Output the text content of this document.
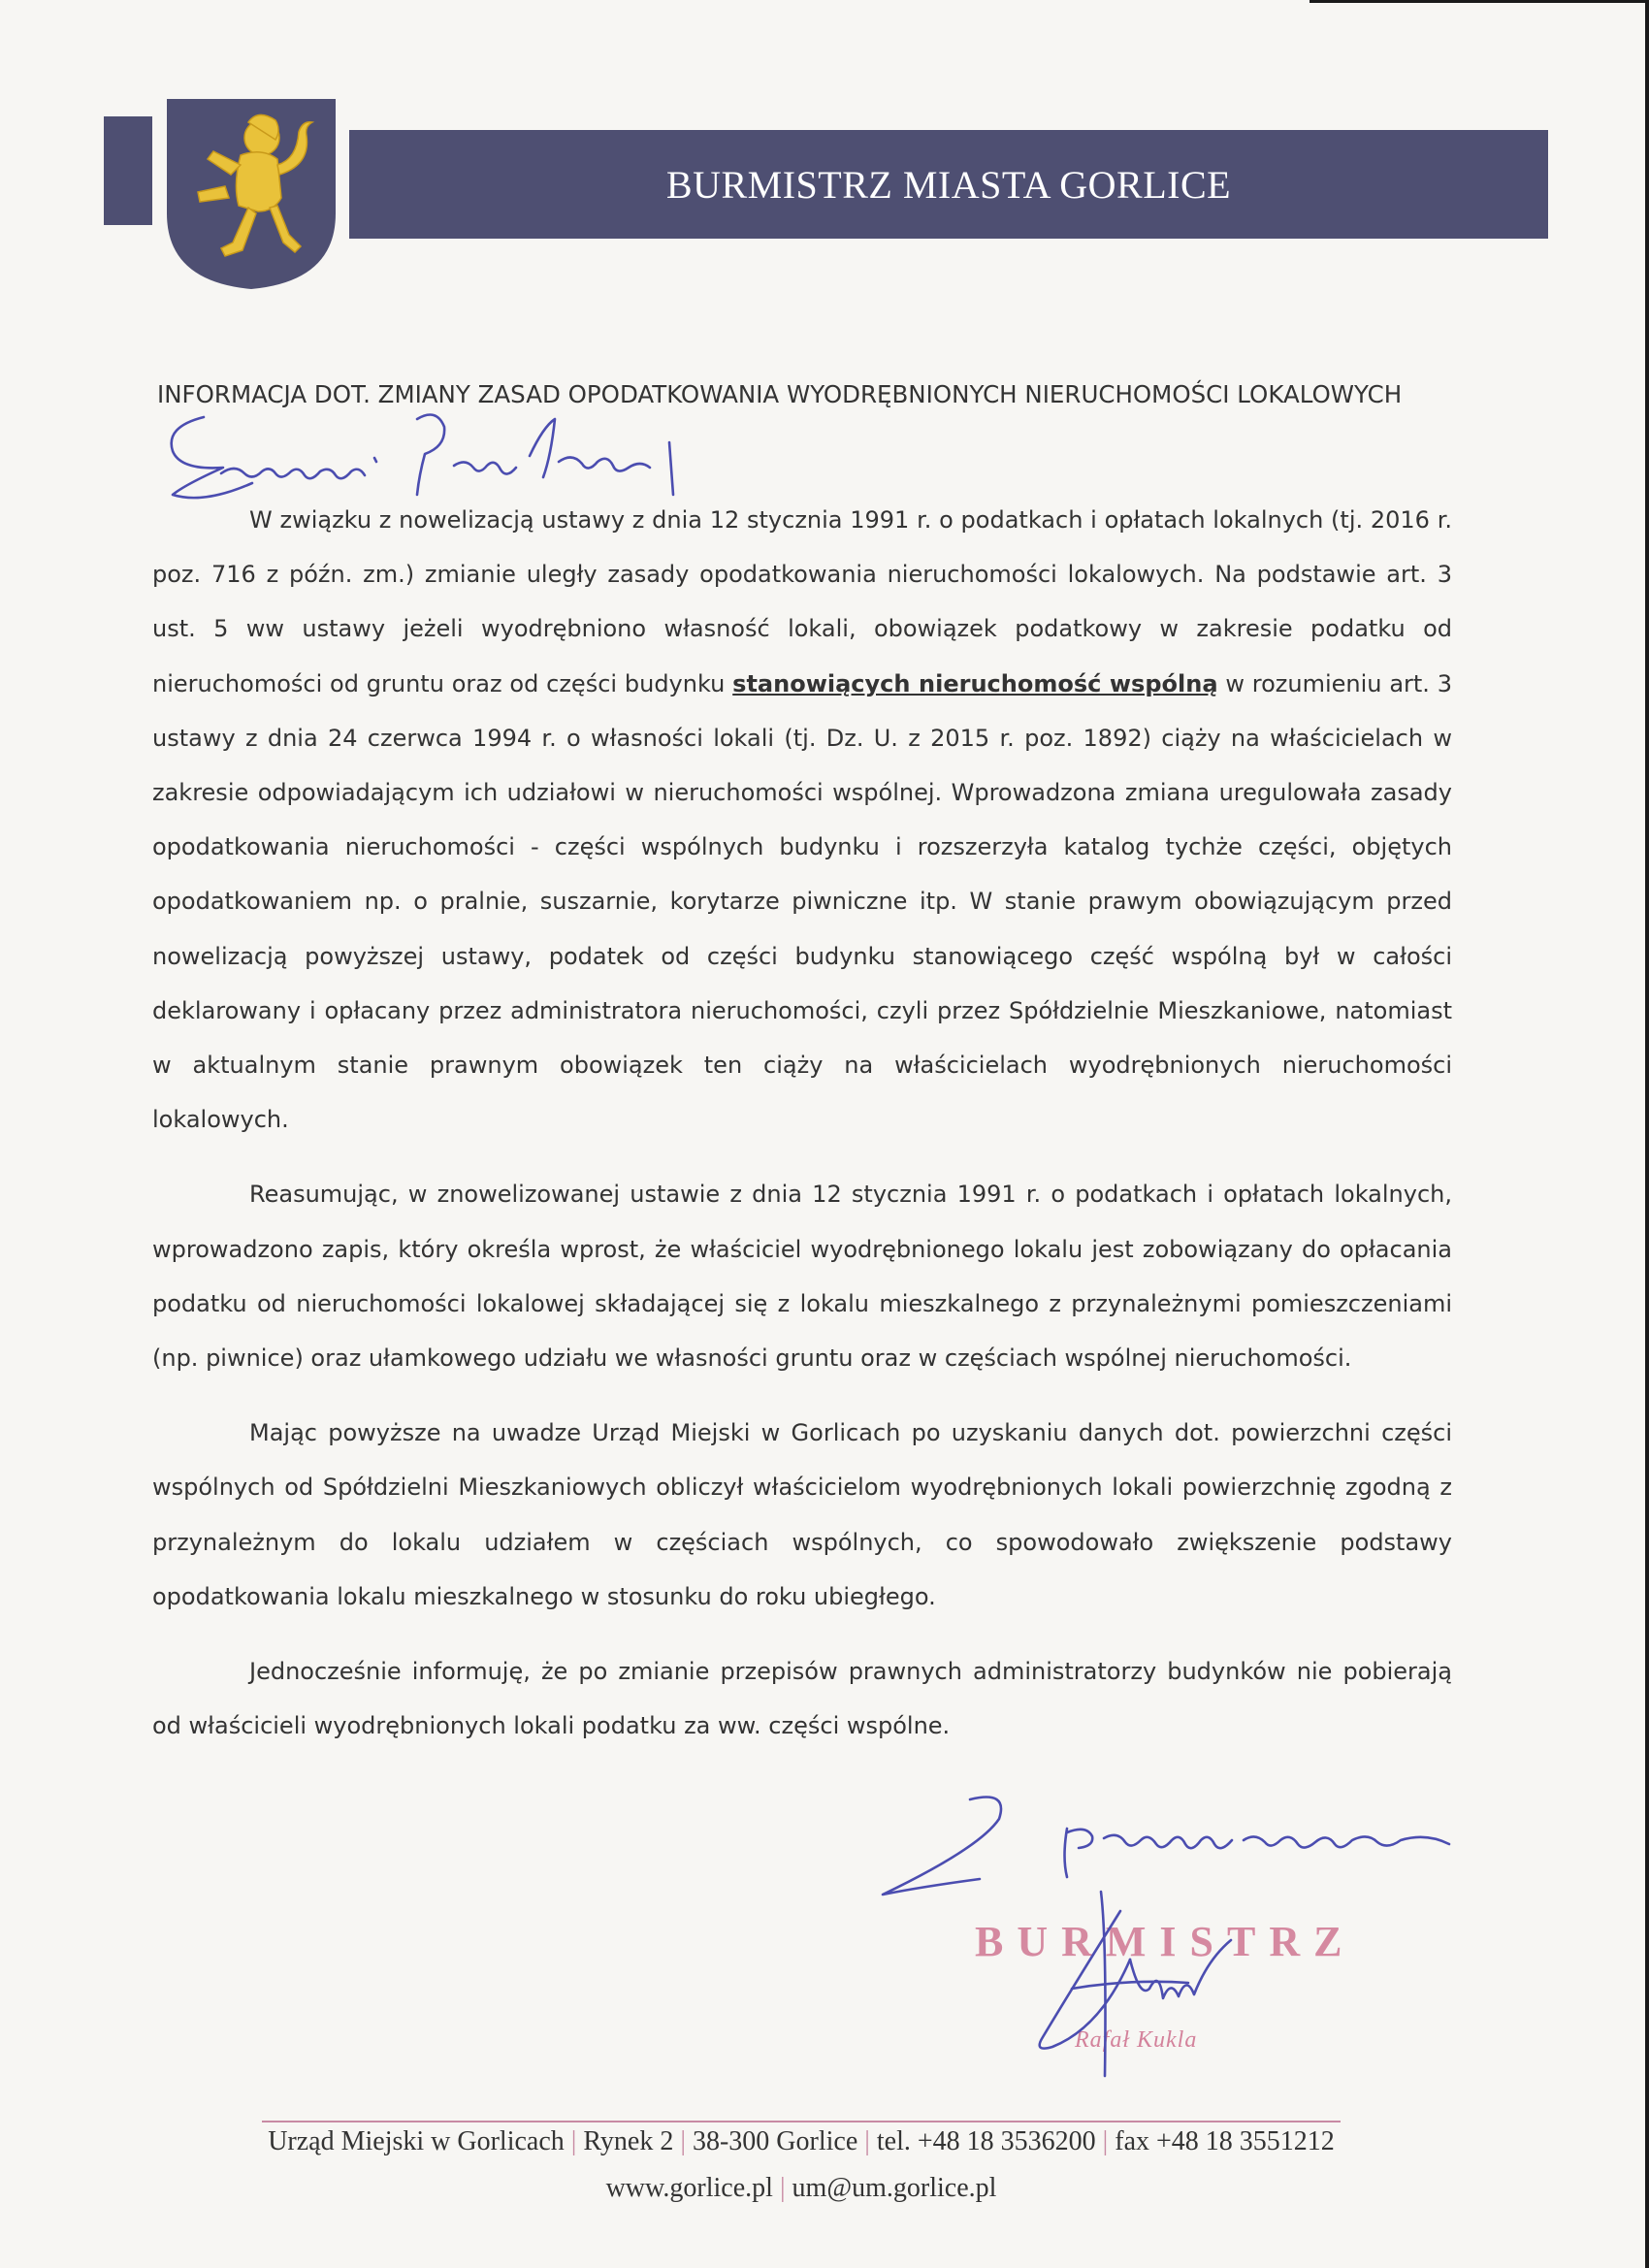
BURMISTRZ MIASTA GORLICE
INFORMACJA DOT. ZMIANY ZASAD OPODATKOWANIA WYODRĘBNIONYCH NIERUCHOMOŚCI LOKALOWYCH

W związku z nowelizacją ustawy z dnia 12 stycznia 1991 r. o podatkach i opłatach lokalnych (tj. 2016 r. poz. 716 z późn. zm.) zmianie uległy zasady opodatkowania nieruchomości lokalowych. Na podstawie art. 3 ust. 5 ww ustawy jeżeli wyodrębniono własność lokali, obowiązek podatkowy w zakresie podatku od nieruchomości od gruntu oraz od części budynku stanowiących nieruchomość wspólną w rozumieniu art. 3 ustawy z dnia 24 czerwca 1994 r. o własności lokali (tj. Dz. U. z 2015 r. poz. 1892) ciąży na właścicielach w zakresie odpowiadającym ich udziałowi w nieruchomości wspólnej. Wprowadzona zmiana uregulowała zasady opodatkowania nieruchomości - części wspólnych budynku i rozszerzyła katalog tychże części, objętych opodatkowaniem np. o pralnie, suszarnie, korytarze piwniczne itp. W stanie prawym obowiązującym przed nowelizacją powyższej ustawy, podatek od części budynku stanowiącego część wspólną był w całości deklarowany i opłacany przez administratora nieruchomości, czyli przez Spółdzielnie Mieszkaniowe, natomiast w aktualnym stanie prawnym obowiązek ten ciąży na właścicielach wyodrębnionych nieruchomości lokalowych.

Reasumując, w znowelizowanej ustawie z dnia 12 stycznia 1991 r. o podatkach i opłatach lokalnych, wprowadzono zapis, który określa wprost, że właściciel wyodrębnionego lokalu jest zobowiązany do opłacania podatku od nieruchomości lokalowej składającej się z lokalu mieszkalnego z przynależnymi pomieszczeniami (np. piwnice) oraz ułamkowego udziału we własności gruntu oraz w częściach wspólnej nieruchomości.

Mając powyższe na uwadze Urząd Miejski w Gorlicach po uzyskaniu danych dot. powierzchni części wspólnych od Spółdzielni Mieszkaniowych obliczył właścicielom wyodrębnionych lokali powierzchnię zgodną z przynależnym do lokalu udziałem w częściach wspólnych, co spowodowało zwiększenie podstawy opodatkowania lokalu mieszkalnego w stosunku do roku ubiegłego.

Jednocześnie informuję, że po zmianie przepisów prawnych administratorzy budynków nie pobierają od właścicieli wyodrębnionych lokali podatku za ww. części wspólne.

BURMISTRZ
Rafał Kukla
Urząd Miejski w Gorlicach | Rynek 2 | 38-300 Gorlice | tel. +48 18 3536200 | fax +48 18 3551212
www.gorlice.pl | um@um.gorlice.pl
